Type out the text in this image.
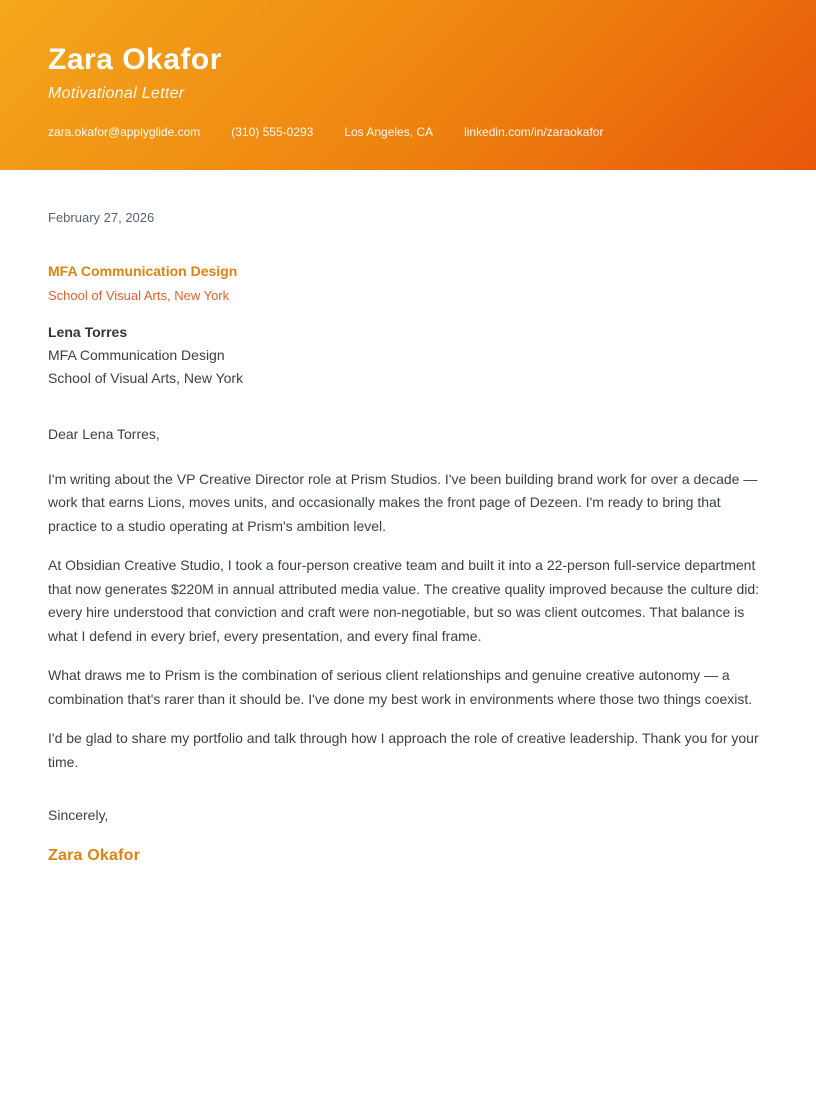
Zara Okafor
Motivational Letter
zara.okafor@applyglide.com	(310) 555-0293	Los Angeles, CA	linkedin.com/in/zaraokafor
February 27, 2026
MFA Communication Design
School of Visual Arts, New York
Lena Torres
MFA Communication Design
School of Visual Arts, New York
Dear Lena Torres,

I'm writing about the VP Creative Director role at Prism Studios. I've been building brand work for over a decade — work that earns Lions, moves units, and occasionally makes the front page of Dezeen. I'm ready to bring that practice to a studio operating at Prism's ambition level.

At Obsidian Creative Studio, I took a four-person creative team and built it into a 22-person full-service department that now generates $220M in annual attributed media value. The creative quality improved because the culture did: every hire understood that conviction and craft were non-negotiable, but so was client outcomes. That balance is what I defend in every brief, every presentation, and every final frame.

What draws me to Prism is the combination of serious client relationships and genuine creative autonomy — a combination that's rarer than it should be. I've done my best work in environments where those two things coexist.

I'd be glad to share my portfolio and talk through how I approach the role of creative leadership. Thank you for your time.

Sincerely,
Zara Okafor
